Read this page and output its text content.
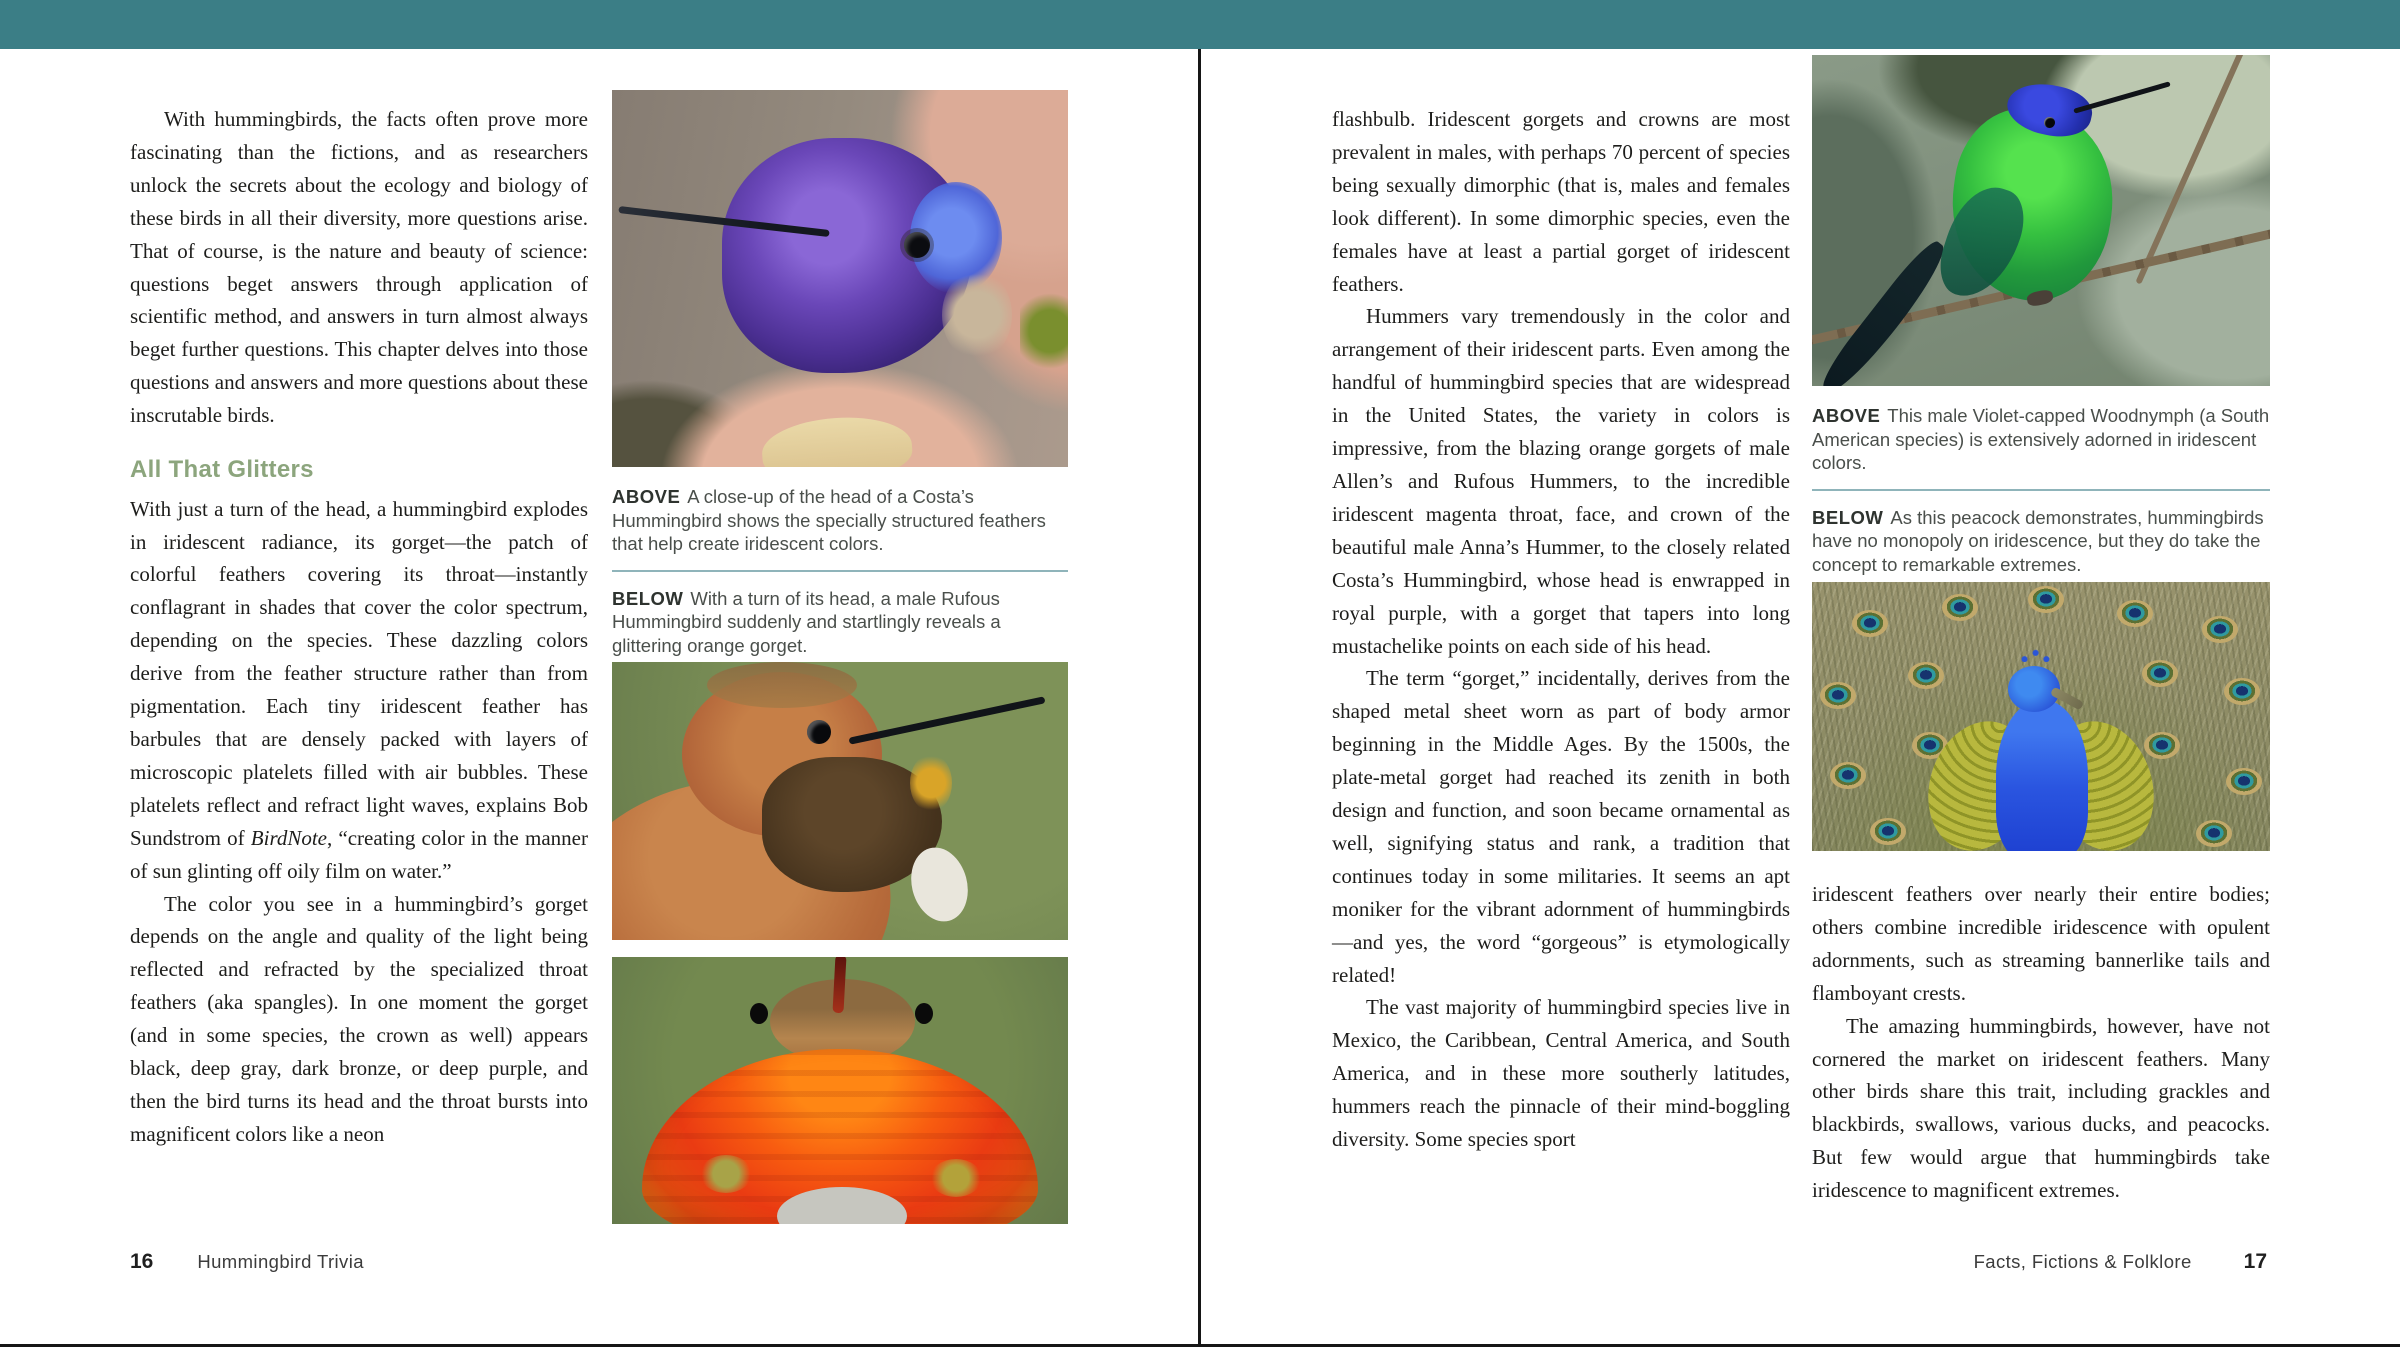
With hummingbirds, the facts often prove more fascinating than the fictions, and as researchers unlock the secrets about the ecology and biology of these birds in all their diversity, more questions arise. That of course, is the nature and beauty of science: questions beget answers through application of scientific method, and answers in turn almost always beget further questions. This chapter delves into those questions and answers and more questions about these inscrutable birds.

All That Glitters

With just a turn of the head, a hummingbird explodes in iridescent radiance, its gorget—the patch of colorful feathers covering its throat—instantly conflagrant in shades that cover the color spectrum, depending on the species. These dazzling colors derive from the feather structure rather than from pigmentation. Each tiny iridescent feather has barbules that are densely packed with layers of microscopic platelets filled with air bubbles. These platelets reflect and refract light waves, explains Bob Sundstrom of BirdNote, “creating color in the manner of sun glinting off oily film on water.”

The color you see in a hummingbird’s gorget depends on the angle and quality of the light being reflected and refracted by the specialized throat feathers (aka spangles). In one moment the gorget (and in some species, the crown as well) appears black, deep gray, dark bronze, or deep purple, and then the bird turns its head and the throat bursts into magnificent colors like a neon

ABOVE A close-up of the head of a Costa’s Hummingbird shows the specially structured feathers that help create iridescent colors.

BELOW With a turn of its head, a male Rufous Hummingbird suddenly and startlingly reveals a glittering orange gorget.

16 Hummingbird Trivia

flashbulb. Iridescent gorgets and crowns are most prevalent in males, with perhaps 70 percent of species being sexually dimorphic (that is, males and females look different). In some dimorphic species, even the females have at least a partial gorget of iridescent feathers.

Hummers vary tremendously in the color and arrangement of their iridescent parts. Even among the handful of hummingbird species that are widespread in the United States, the variety in colors is impressive, from the blazing orange gorgets of male Allen’s and Rufous Hummers, to the incredible iridescent magenta throat, face, and crown of the beautiful male Anna’s Hummer, to the closely related Costa’s Hummingbird, whose head is enwrapped in royal purple, with a gorget that tapers into long mustachelike points on each side of his head.

The term “gorget,” incidentally, derives from the shaped metal sheet worn as part of body armor beginning in the Middle Ages. By the 1500s, the plate-metal gorget had reached its zenith in both design and function, and soon became ornamental as well, signifying status and rank, a tradition that continues today in some militaries. It seems an apt moniker for the vibrant adornment of hummingbirds—and yes, the word “gorgeous” is etymologically related!

The vast majority of hummingbird species live in Mexico, the Caribbean, Central America, and South America, and in these more southerly latitudes, hummers reach the pinnacle of their mind-boggling diversity. Some species sport

ABOVE This male Violet-capped Woodnymph (a South American species) is extensively adorned in iridescent colors.

BELOW As this peacock demonstrates, hummingbirds have no monopoly on iridescence, but they do take the concept to remarkable extremes.

iridescent feathers over nearly their entire bodies; others combine incredible iridescence with opulent adornments, such as streaming bannerlike tails and flamboyant crests.

The amazing hummingbirds, however, have not cornered the market on iridescent feathers. Many other birds share this trait, including grackles and blackbirds, swallows, various ducks, and peacocks. But few would argue that hummingbirds take iridescence to magnificent extremes.

Facts, Fictions & Folklore 17
